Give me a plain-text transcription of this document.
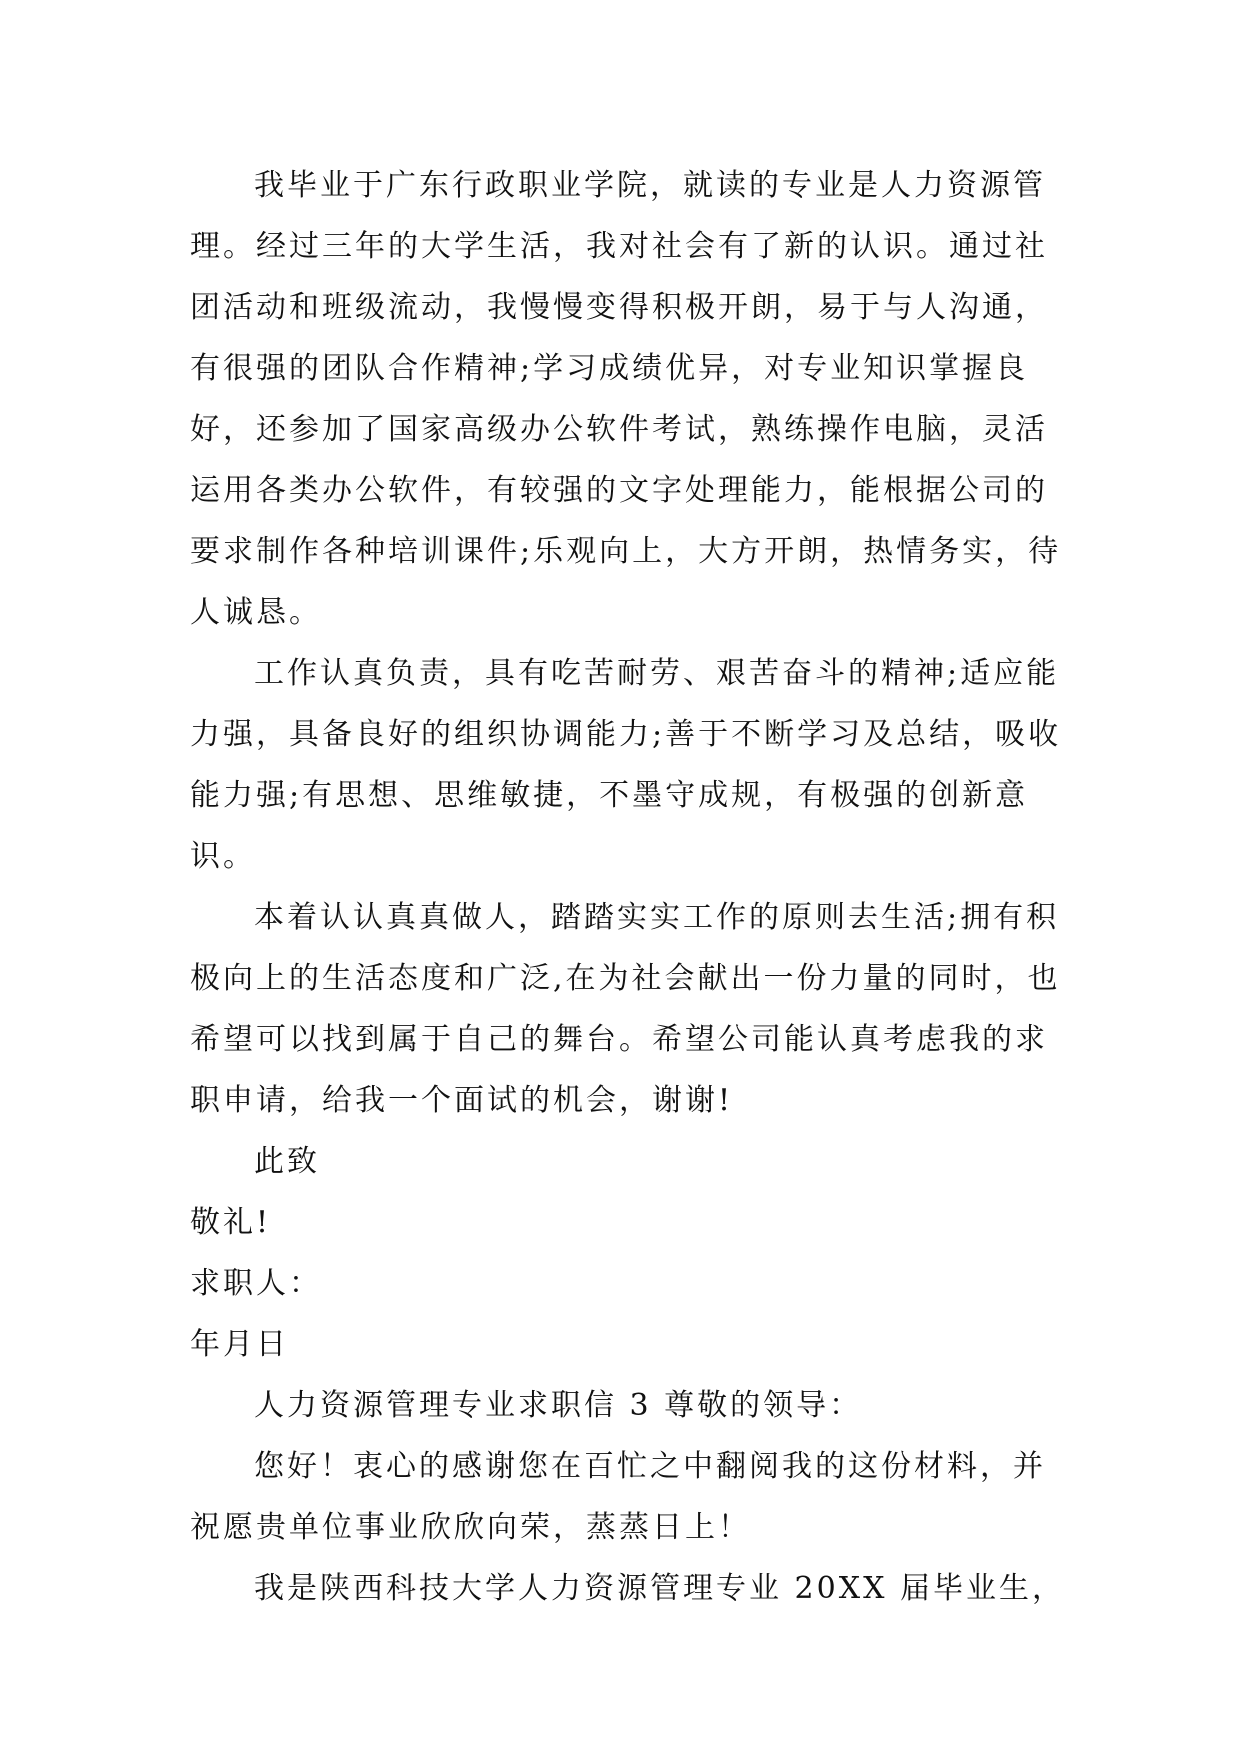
我毕业于广东行政职业学院，就读的专业是人力资源管理。经过三年的大学生活，我对社会有了新的认识。通过社团活动和班级流动，我慢慢变得积极开朗，易于与人沟通，有很强的团队合作精神;学习成绩优异，对专业知识掌握良好，还参加了国家高级办公软件考试，熟练操作电脑，灵活运用各类办公软件，有较强的文字处理能力，能根据公司的要求制作各种培训课件;乐观向上，大方开朗，热情务实，待人诚恳。

工作认真负责，具有吃苦耐劳、艰苦奋斗的精神;适应能力强，具备良好的组织协调能力;善于不断学习及总结，吸收能力强;有思想、思维敏捷，不墨守成规，有极强的创新意识。

本着认认真真做人，踏踏实实工作的原则去生活;拥有积极向上的生活态度和广泛,在为社会献出一份力量的同时，也希望可以找到属于自己的舞台。希望公司能认真考虑我的求职申请，给我一个面试的机会，谢谢!

此致

敬礼!

求职人：

年月日

人力资源管理专业求职信 3 尊敬的领导：

您好！衷心的感谢您在百忙之中翻阅我的这份材料，并祝愿贵单位事业欣欣向荣，蒸蒸日上！

我是陕西科技大学人力资源管理专业 20XX 届毕业生，
